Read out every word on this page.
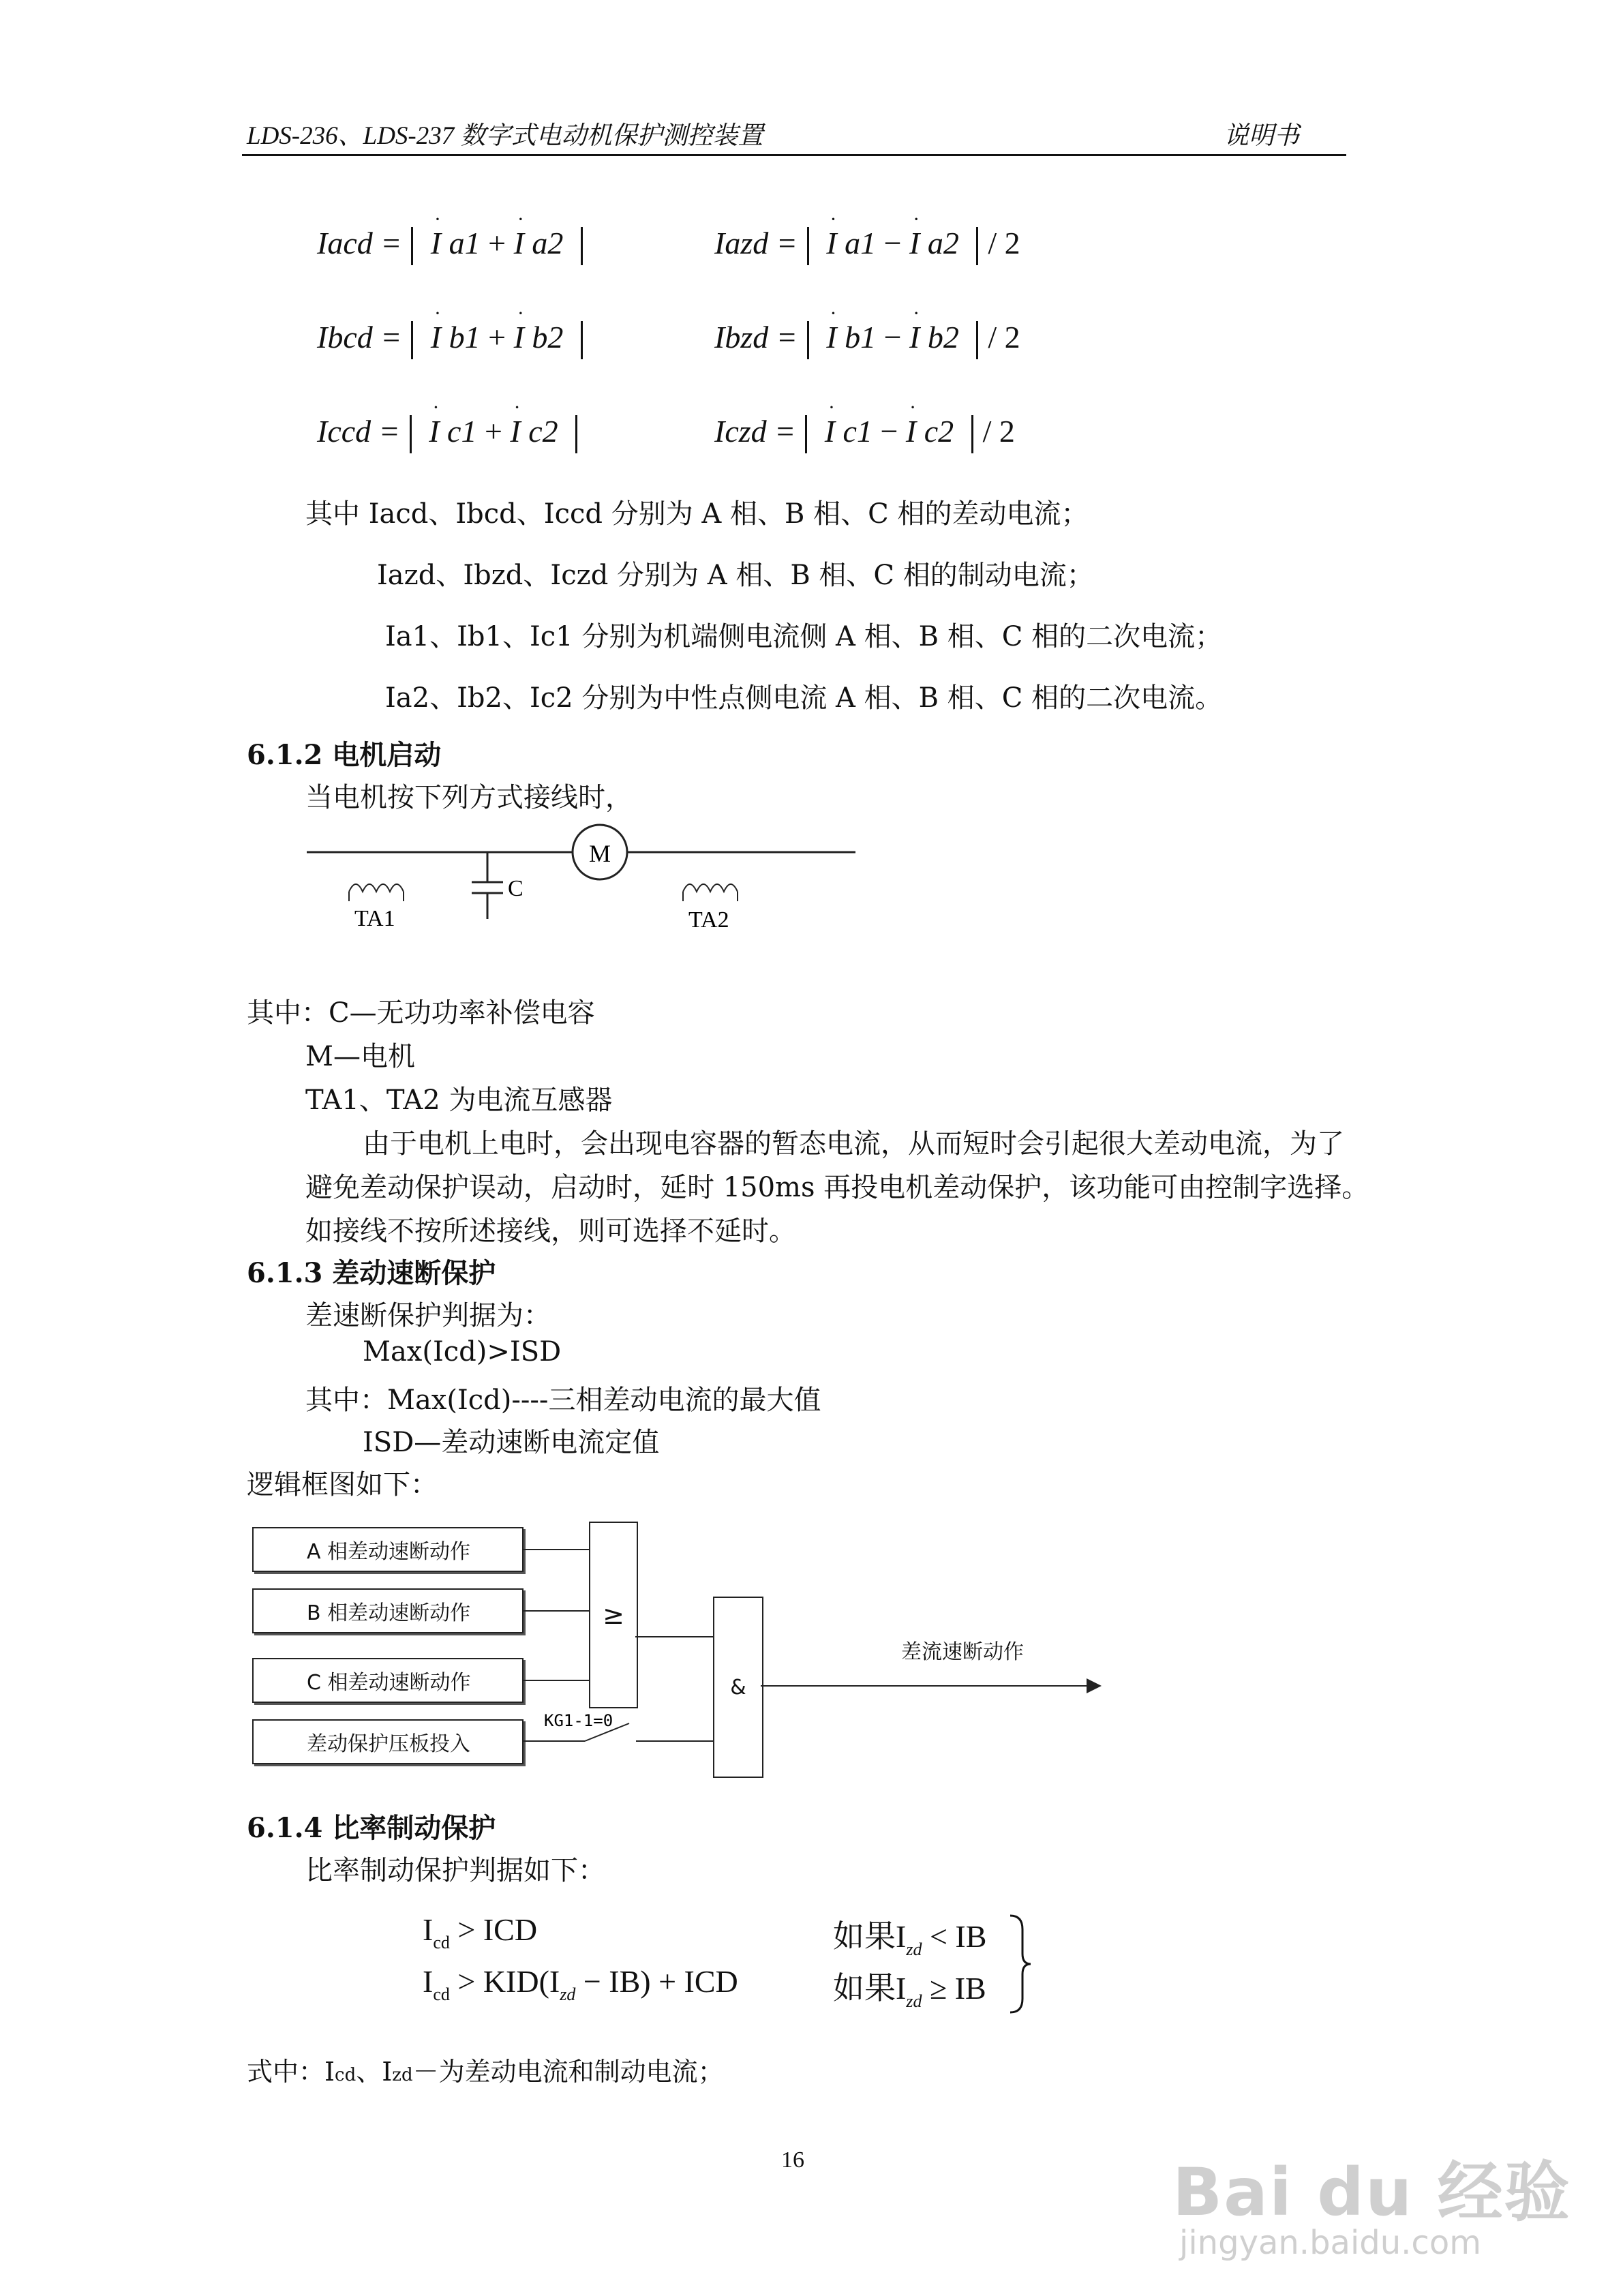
LDS-236、LDS-237 数字式电动机保护测控装置	说明书
Iacd =
·
I a1 +
·
I a2	Iazd =
·
I a1 −
·
I a2 / 2
Ibcd =
·
I b1 +
·
I b2	Ibzd =
·
I b1 −
·
I b2 / 2
Iccd =
·
I c1 +
·
I c2	Iczd =
·
I c1 −
·
I c2 / 2
其中 Iacd、Ibcd、Iccd 分别为 A 相、B 相、C 相的差动电流；
Iazd、Ibzd、Iczd 分别为 A 相、B 相、C 相的制动电流；
Ia1、Ib1、Ic1 分别为机端侧电流侧 A 相、B 相、C 相的二次电流；
Ia2、Ib2、Ic2 分别为中性点侧电流 A 相、B 相、C 相的二次电流。
6.1.2 电机启动
当电机按下列方式接线时，
M
C
TA1	TA2
其中：C—无功功率补偿电容
M—电机
TA1、TA2 为电流互感器
由于电机上电时，会出现电容器的暂态电流，从而短时会引起很大差动电流，为了
避免差动保护误动，启动时，延时 150ms 再投电机差动保护，该功能可由控制字选择。
如接线不按所述接线，则可选择不延时。
6.1.3 差动速断保护
差速断保护判据为：
Max(Icd)>ISD
其中：Max(Icd)----三相差动电流的最大值
ISD—差动速断电流定值
逻辑框图如下：
A 相差动速断动作
B 相差动速断动作
C 相差动速断动作
差动保护压板投入
≥
&
KG1-1=0
差流速断动作
6.1.4 比率制动保护
比率制动保护判据如下：
$I_{cd}$ > ICD	如果$I_{zd}$ < IB
$I_{cd} > KID(I_{zd} - IB)$ + ICD	如果$I_{zd}$ ≥ IB
式中：Icd、Izd－为差动电流和制动电流；
16	Bai du 经验
jingyan.baidu.com
